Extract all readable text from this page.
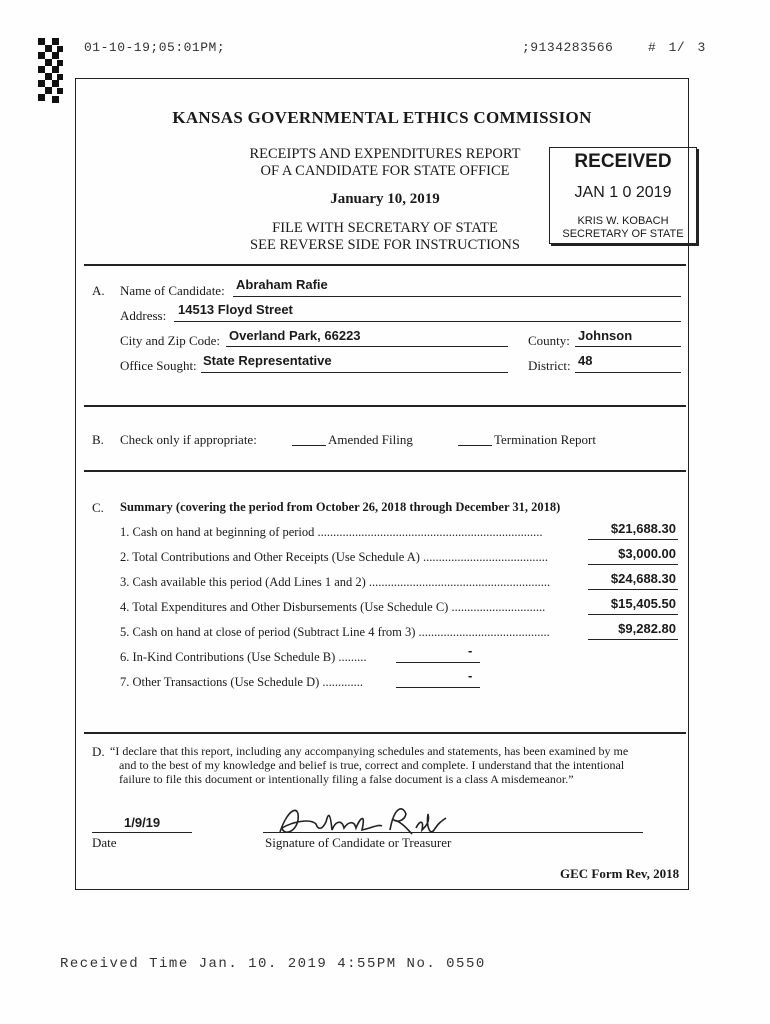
01-10-19;05:01PM;	;9134283566	# 1/ 3
KANSAS GOVERNMENTAL ETHICS COMMISSION
RECEIPTS AND EXPENDITURES REPORT
OF A CANDIDATE FOR STATE OFFICE
January 10, 2019
FILE WITH SECRETARY OF STATE
SEE REVERSE SIDE FOR INSTRUCTIONS
RECEIVED
JAN 1 0 2019
KRIS W. KOBACH
SECRETARY OF STATE
A. Name of Candidate: Abraham Rafie
Address: 14513 Floyd Street
City and Zip Code: Overland Park, 66223	County: Johnson
Office Sought: State Representative	District: 48
B. Check only if appropriate:	Amended Filing	Termination Report
C. Summary (covering the period from October 26, 2018 through December 31, 2018)
1. Cash on hand at beginning of period ........................................................................	$21,688.30
2. Total Contributions and Other Receipts (Use Schedule A) ........................................	$3,000.00
3. Cash available this period (Add Lines 1 and 2) ..........................................................	$24,688.30
4. Total Expenditures and Other Disbursements (Use Schedule C) ..............................	$15,405.50
5. Cash on hand at close of period (Subtract Line 4 from 3) ..........................................	$9,282.80
6. In-Kind Contributions (Use Schedule B) .........	-
7. Other Transactions (Use Schedule D) .............	-
D. “I declare that this report, including any accompanying schedules and statements, has been examined by me
and to the best of my knowledge and belief is true, correct and complete. I understand that the intentional
failure to file this document or intentionally filing a false document is a class A misdemeanor.”
1/9/19
Date	Signature of Candidate or Treasurer
GEC Form Rev, 2018
Received Time Jan. 10. 2019 4:55PM No. 0550
